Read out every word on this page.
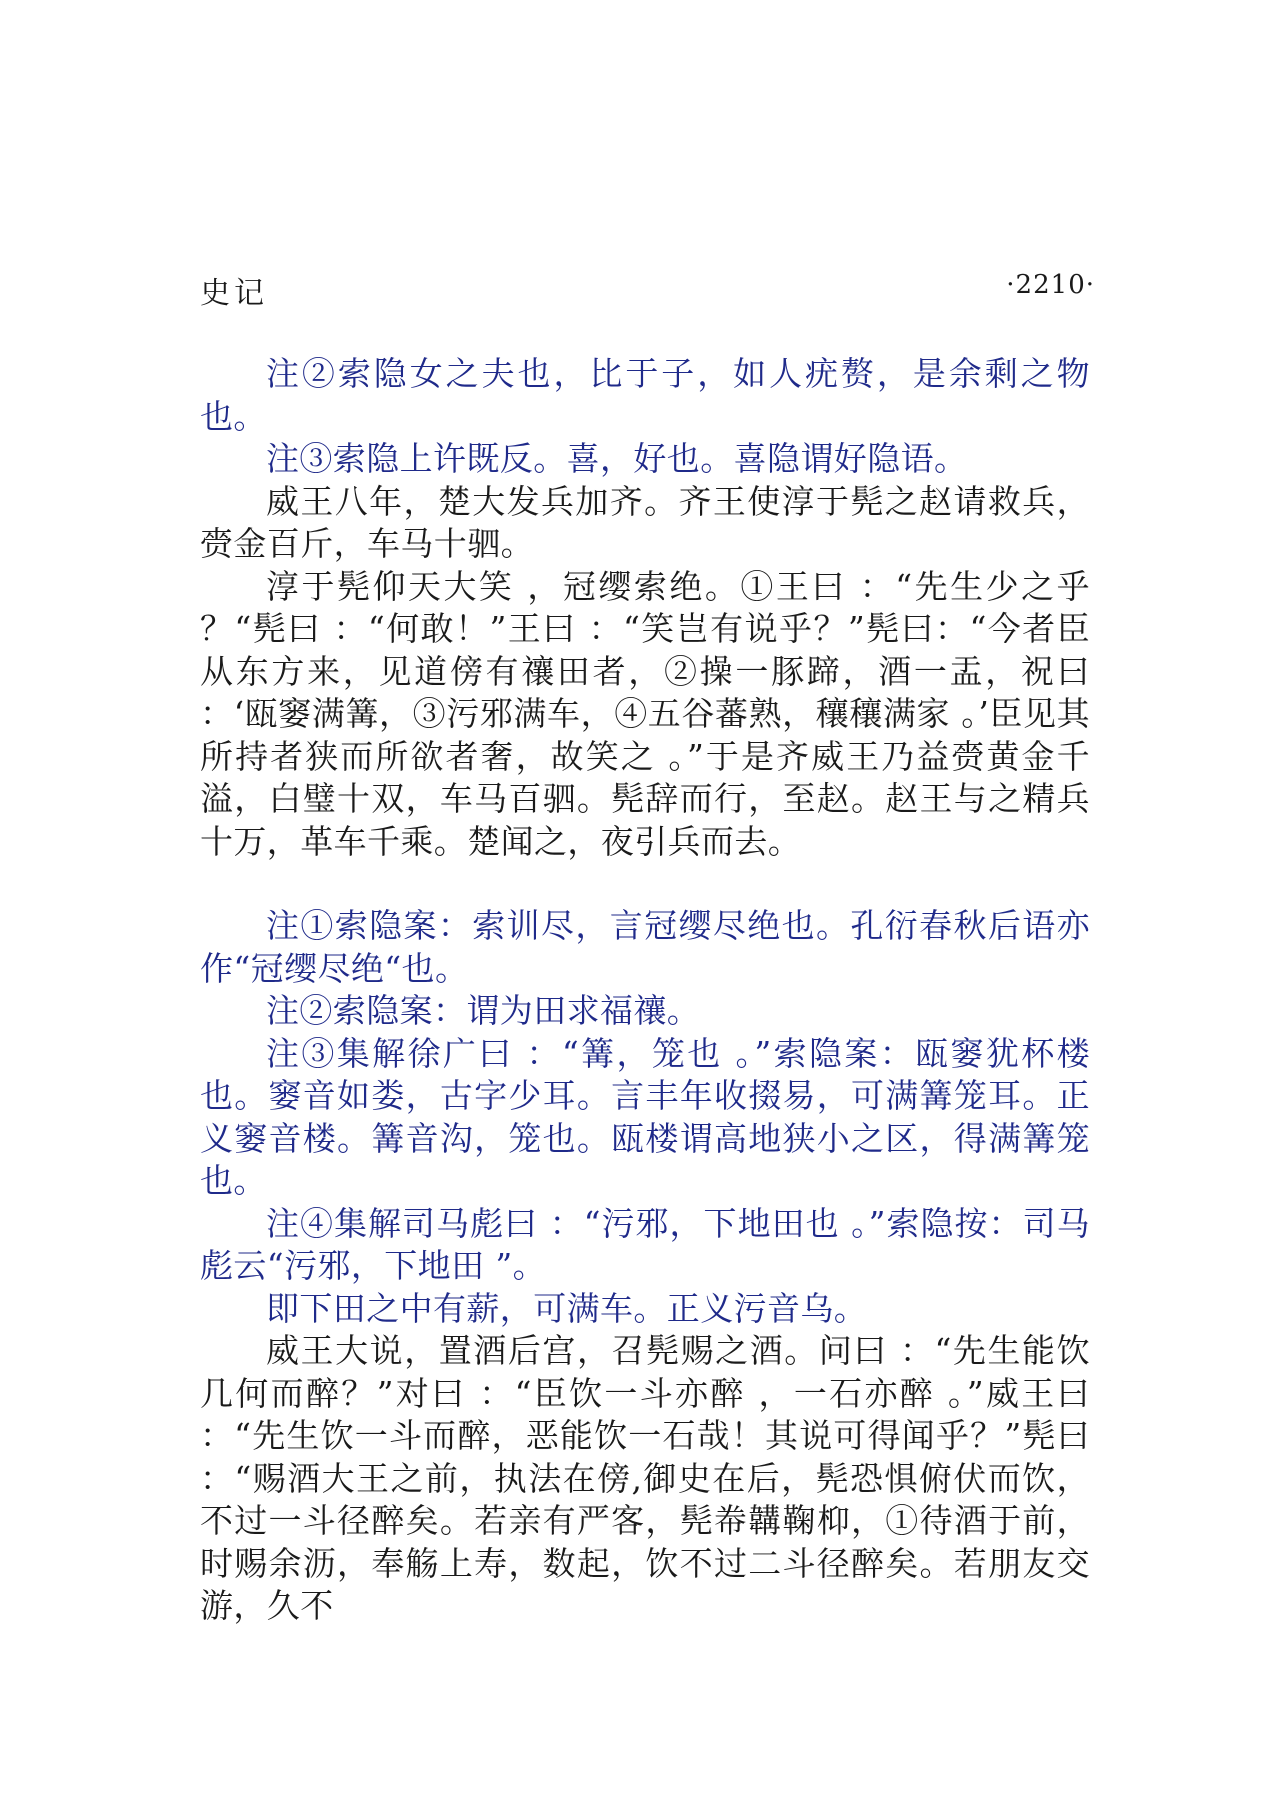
史记	·2210·

注②索隐女之夫也，比于子，如人疣赘，是余剩之物也。

注③索隐上许既反。喜，好也。喜隐谓好隐语。

威王八年，楚大发兵加齐。齐王使淳于髡之赵请救兵，赍金百斤，车马十驷。

淳于髡仰天大笑 ，冠缨索绝。①王曰 ：“先生少之乎 ？“髡曰 ：“何敢！”王曰 ：“笑岂有说乎？”髡曰：“今者臣从东方来，见道傍有禳田者，②操一豚蹄，酒一盂，祝曰 ：‘瓯窭满篝，③污邪满车，④五谷蕃熟，穰穰满家 。’臣见其所持者狭而所欲者奢，故笑之 。”于是齐威王乃益赍黄金千溢，白璧十双，车马百驷。髡辞而行，至赵。赵王与之精兵十万，革车千乘。楚闻之，夜引兵而去。

注①索隐案：索训尽，言冠缨尽绝也。孔衍春秋后语亦作“冠缨尽绝“也。

注②索隐案：谓为田求福禳。

注③集解徐广曰 ：“篝，笼也 。”索隐案：瓯窭犹杯楼也。窭音如娄，古字少耳。言丰年收掇易，可满篝笼耳。正义窭音楼。篝音沟，笼也。瓯楼谓高地狭小之区，得满篝笼也。

注④集解司马彪曰 ：“污邪，下地田也 。”索隐按：司马彪云“污邪，下地田 ”。

即下田之中有薪，可满车。正义污音乌。

威王大说，置酒后宫，召髡赐之酒。问曰 ：“先生能饮几何而醉？”对曰 ：“臣饮一斗亦醉 ，一石亦醉 。”威王曰 ：“先生饮一斗而醉，恶能饮一石哉！其说可得闻乎？”髡曰 ：“赐酒大王之前，执法在傍,御史在后，髡恐惧俯伏而饮，不过一斗径醉矣。若亲有严客，髡帣韝鞠枊，①待酒于前，时赐余沥，奉觞上寿，数起，饮不过二斗径醉矣。若朋友交游，久不
